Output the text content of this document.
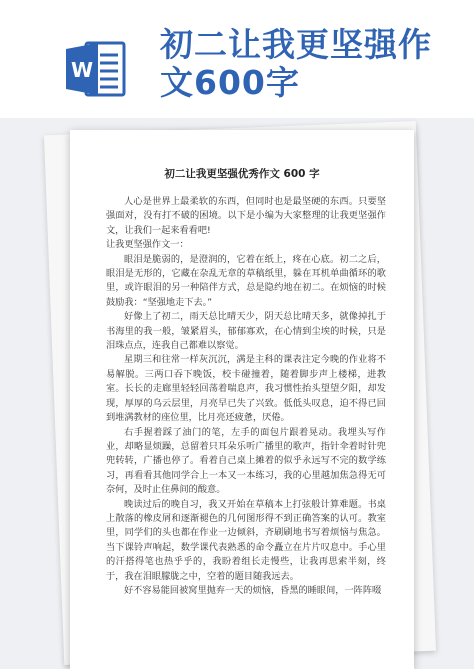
W
初二让我更坚强作
文600字
初二让我更坚强优秀作文 600 字

人心是世界上最柔软的东西，但同时也是最坚硬的东西。只要坚强面对，没有打不破的困境。以下是小编为大家整理的让我更坚强作文，让我们一起来看看吧!

让我更坚强作文一：

眼泪是脆弱的，是澄润的，它着在纸上，疼在心底。初二之后，眼泪是无形的，它藏在杂乱无章的草稿纸里，躲在耳机单曲循环的歌里，或许眼泪的另一种陪伴方式，总是隐约地在初二。在烦恼的时候鼓励我：“坚强地走下去。”

好像上了初二，雨天总比晴天少，阴天总比晴天多，就像掉扎于书海里的我一般，皱紧眉头，郁郁寡欢，在心情到尘埃的时候，只是泪珠点点，连我自己都难以察觉。

星期三和往常一样灰沉沉，满是主科的课表注定今晚的作业将不易解脱。三两口吞下晚饭，校卡碰撞着，随着脚步声上楼梯，进教室。长长的走廊里轻轻回荡着喘息声，我习惯性抬头望望夕阳，却发现，厚厚的乌云层里，月亮早已失了兴致。低低头叹息，迫不得已回到堆满教材的座位里，比月亮还疲惫，厌倦。

右手握着踩了油门的笔，左手的面包片跟着晃动。我埋头写作业，却略显烦躁，总留着只耳朵乐听广播里的歌声，指针伞着时针兜兜转转，广播也停了。看着自己桌上摊着的似乎永远写不完的数学练习，再看看其他同学合上一本又一本练习，我的心里越加焦急得无可奈何，及时止住鼻间的酸意。

晚读过后的晚自习，我又开始在草稿本上打弦般计算难题。书桌上散落的橡皮屑和逐渐褪色的几何图形得不到正确答案的认可。教室里，同学们的头也都在作业一边倾斜，齐刷刷地书写着烦恼与焦急。当下课铃声响起，数学课代表熟悉的命令矗立在片片叹息中。手心里的汗搭得笔也热乎乎的，我盼着组长走慢些，让我再思索半刻，终于，我在泪眼朦胧之中，空着的题目随我远去。

好不容易能回被窝里抛弃一天的烦恼，昏黑的睡眼间，一阵阵啜
